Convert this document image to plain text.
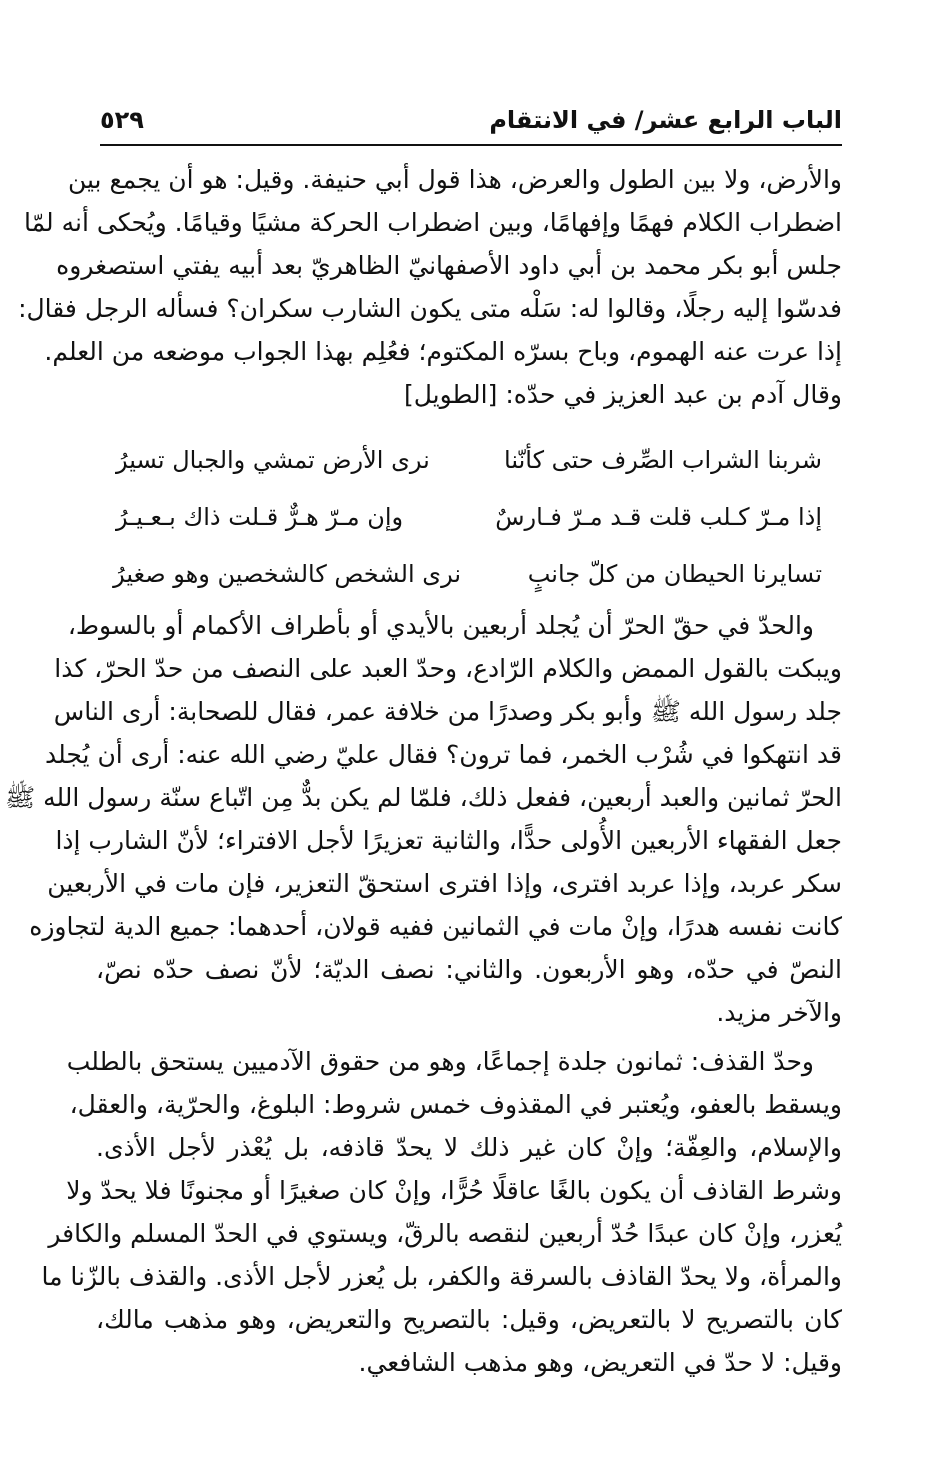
الباب الرابع عشر/ في الانتقام
٥٢٩
والأرض، ولا بين الطول والعرض، هذا قول أبي حنيفة. وقيل: هو أن يجمع بين
اضطراب الكلام فهمًا وإفهامًا، وبين اضطراب الحركة مشيًا وقيامًا. ويُحكى أنه لمّا
جلس أبو بكر محمد بن أبي داود الأصفهانيّ الظاهريّ بعد أبيه يفتي استصغروه
فدسّوا إليه رجلًا، وقالوا له: سَلْه متى يكون الشارب سكران؟ فسأله الرجل فقال:
إذا عرت عنه الهموم، وباح بسرّه المكتوم؛ فعُلِم بهذا الجواب موضعه من العلم.
وقال آدم بن عبد العزيز في حدّه: [الطويل]
شربنا الشراب الصِّرف حتى كأنّنا
نرى الأرض تمشي والجبال تسيرُ
إذا مـرّ كـلب قلت قـد مـرّ فـارسٌ
وإن مـرّ هـرٌّ قـلت ذاك بـعـيـرُ
تسايرنا الحيطان من كلّ جانبٍ
نرى الشخص كالشخصين وهو صغيرُ
والحدّ في حقّ الحرّ أن يُجلد أربعين بالأيدي أو بأطراف الأكمام أو بالسوط،
ويبكت بالقول الممض والكلام الرّادع، وحدّ العبد على النصف من حدّ الحرّ، كذا
جلد رسول الله ﷺ وأبو بكر وصدرًا من خلافة عمر، فقال للصحابة: أرى الناس
قد انتهكوا في شُرْب الخمر، فما ترون؟ فقال عليّ رضي الله عنه: أرى أن يُجلد
الحرّ ثمانين والعبد أربعين، ففعل ذلك، فلمّا لم يكن بدٌّ مِن اتّباع سنّة رسول الله ﷺ
جعل الفقهاء الأربعين الأُولى حدًّا، والثانية تعزيرًا لأجل الافتراء؛ لأنّ الشارب إذا
سكر عربد، وإذا عربد افترى، وإذا افترى استحقّ التعزير، فإن مات في الأربعين
كانت نفسه هدرًا، وإنْ مات في الثمانين ففيه قولان، أحدهما: جميع الدية لتجاوزه
النصّ في حدّه، وهو الأربعون. والثاني: نصف الديّة؛ لأنّ نصف حدّه نصّ،
والآخر مزيد.
وحدّ القذف: ثمانون جلدة إجماعًا، وهو من حقوق الآدميين يستحق بالطلب
ويسقط بالعفو، ويُعتبر في المقذوف خمس شروط: البلوغ، والحرّية، والعقل،
والإسلام، والعِفّة؛ وإنْ كان غير ذلك لا يحدّ قاذفه، بل يُعْذر لأجل الأذى.
وشرط القاذف أن يكون بالغًا عاقلًا حُرًّا، وإنْ كان صغيرًا أو مجنونًا فلا يحدّ ولا
يُعزر، وإنْ كان عبدًا حُدّ أربعين لنقصه بالرقّ، ويستوي في الحدّ المسلم والكافر
والمرأة، ولا يحدّ القاذف بالسرقة والكفر، بل يُعزر لأجل الأذى. والقذف بالزّنا ما
كان بالتصريح لا بالتعريض، وقيل: بالتصريح والتعريض، وهو مذهب مالك،
وقيل: لا حدّ في التعريض، وهو مذهب الشافعي.
